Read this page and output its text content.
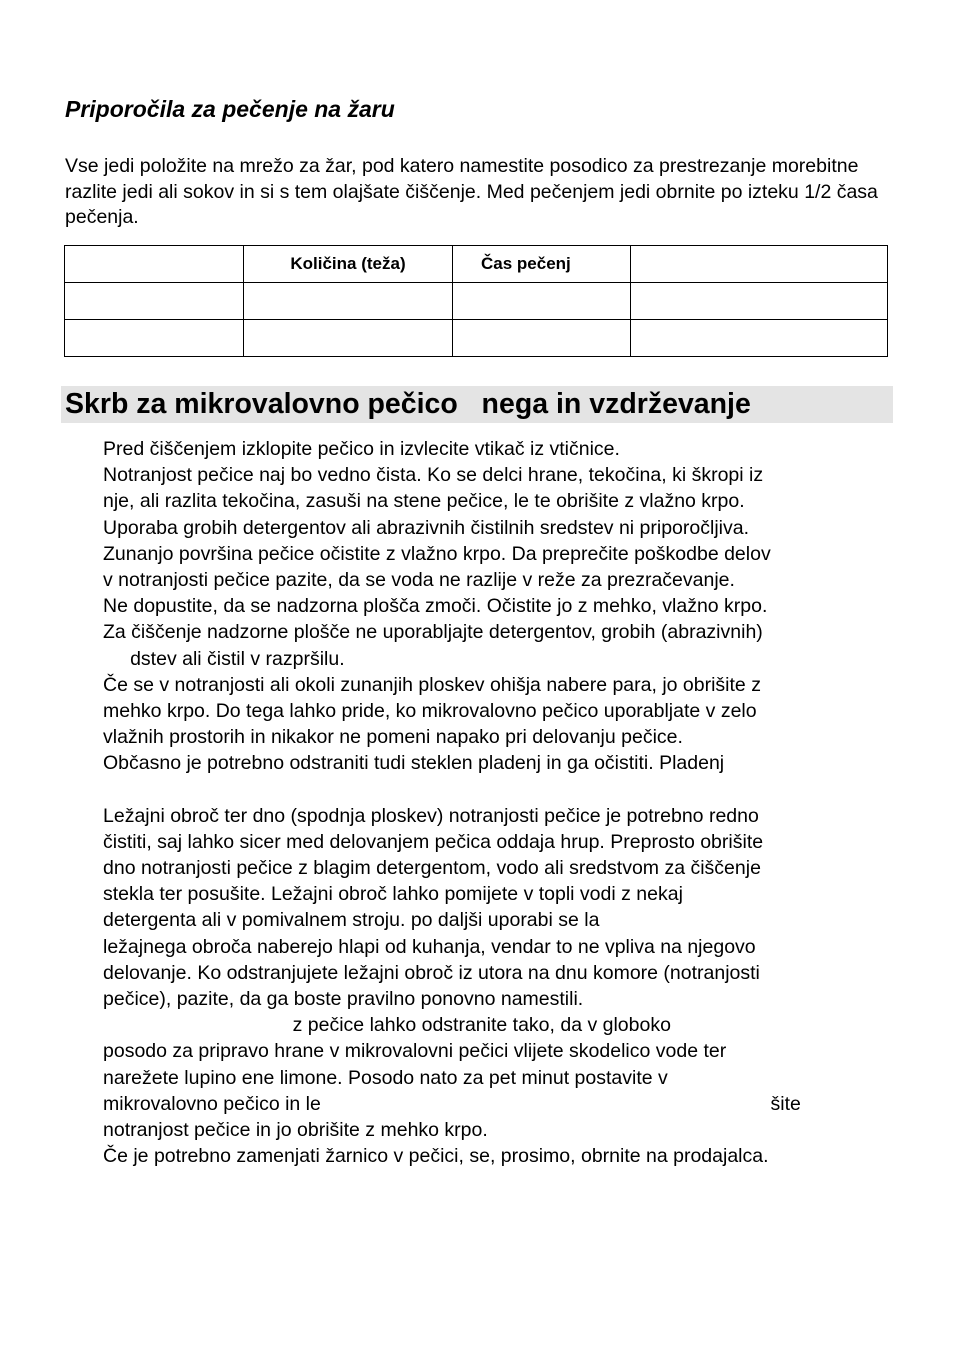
Priporočila za pečenje na žaru

Vse jedi položite na mrežo za žar, pod katero namestite posodico za prestrezanje morebitne razlite jedi ali sokov in si s tem olajšate čiščenje. Med pečenjem jedi obrnite po izteku 1/2 časa pečenja.

	Količina (teža)	Čas pečenj	

Skrb za mikrovalovno pečico   nega in vzdrževanje
Pred čiščenjem izklopite pečico in izvlecite vtikač iz vtičnice.
Notranjost pečice naj bo vedno čista. Ko se delci hrane, tekočina, ki škropi iz
nje, ali razlita tekočina, zasuši na stene pečice, le te obrišite z vlažno krpo.
Uporaba grobih detergentov ali abrazivnih čistilnih sredstev ni priporočljiva.
Zunanjo površina pečice očistite z vlažno krpo. Da preprečite poškodbe delov
v notranjosti pečice pazite, da se voda ne razlije v reže za prezračevanje.
Ne dopustite, da se nadzorna plošča zmoči. Očistite jo z mehko, vlažno krpo.
Za čiščenje nadzorne plošče ne uporabljajte detergentov, grobih (abrazivnih)
dstev ali čistil v razpršilu.
Če se v notranjosti ali okoli zunanjih ploskev ohišja nabere para, jo obrišite z
mehko krpo. Do tega lahko pride, ko mikrovalovno pečico uporabljate v zelo
vlažnih prostorih in nikakor ne pomeni napako pri delovanju pečice.
Občasno je potrebno odstraniti tudi steklen pladenj in ga očistiti. Pladenj
Ležajni obroč ter dno (spodnja ploskev) notranjosti pečice je potrebno redno
čistiti, saj lahko sicer med delovanjem pečica oddaja hrup. Preprosto obrišite
dno notranjosti pečice z blagim detergentom, vodo ali sredstvom za čiščenje
stekla ter posušite. Ležajni obroč lahko pomijete v topli vodi z nekaj
detergenta ali v pomivalnem stroju. po daljši uporabi se la
ležajnega obroča naberejo hlapi od kuhanja, vendar to ne vpliva na njegovo
delovanje. Ko odstranjujete ležajni obroč iz utora na dnu komore (notranjosti
pečice), pazite, da ga boste pravilno ponovno namestili.
z pečice lahko odstranite tako, da v globoko
posodo za pripravo hrane v mikrovalovni pečici vlijete skodelico vode ter
narežete lupino ene limone. Posodo nato za pet minut postavite v
mikrovalovno pečico in le                                                                                   šite
notranjost pečice in jo obrišite z mehko krpo.
Če je potrebno zamenjati žarnico v pečici, se, prosimo, obrnite na prodajalca.
